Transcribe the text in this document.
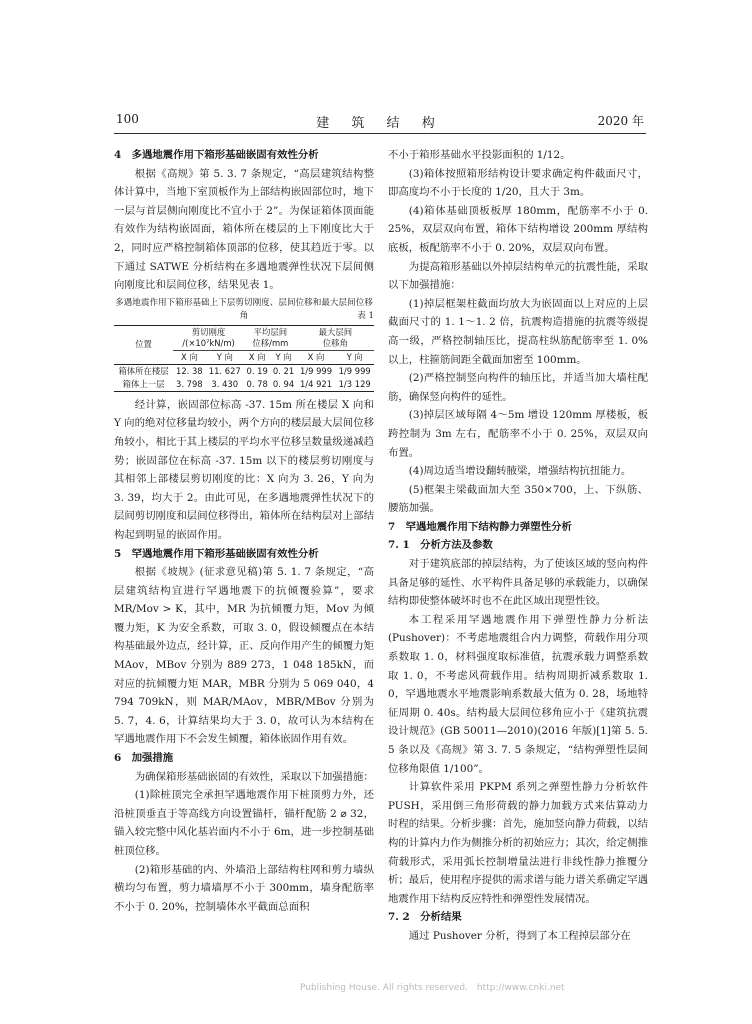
100	建 筑 结 构	2020 年

4　多遇地震作用下箱形基础嵌固有效性分析

根据《高规》第 5. 3. 7 条规定，“高层建筑结构整体计算中，当地下室顶板作为上部结构嵌固部位时，地下一层与首层侧向刚度比不宜小于 2”。为保证箱体顶面能有效作为结构嵌固面，箱体所在楼层的上下刚度比大于 2，同时应严格控制箱体顶部的位移，使其趋近于零。以下通过 SATWE 分析结构在多遇地震弹性状况下层间侧向刚度比和层间位移，结果见表 1。

多遇地震作用下箱形基础上下层剪切刚度、层间位移和最大层间位移角	表 1
位置	剪切刚度
/(×10⁷kN/m)		平均层间
位移/mm		最大层间
位移角	
	X 向	Y 向	X 向	Y 向	X 向	Y 向
箱体所在楼层	12. 38	11. 627	0. 19	0. 21	1/9 999	1/9 999
箱体上一层	3. 798	3. 430	0. 78	0. 94	1/4 921	1/3 129

经计算，嵌固部位标高 -37. 15m 所在楼层 X 向和 Y 向的绝对位移量均较小，两个方向的楼层最大层间位移角较小，相比于其上楼层的平均水平位移呈数量级递减趋势；嵌固部位在标高 -37. 15m 以下的楼层剪切刚度与其相邻上部楼层剪切刚度的比：X 向为 3. 26，Y 向为 3. 39，均大于 2。由此可见，在多遇地震弹性状况下的层间剪切刚度和层间位移得出，箱体所在结构层对上部结构起到明显的嵌固作用。

5　罕遇地震作用下箱形基础嵌固有效性分析

根据《坡规》(征求意见稿)第 5. 1. 7 条规定，“高层建筑结构宜进行罕遇地震下的抗倾覆验算”，要求 MR/Mov > K，其中，MR 为抗倾覆力矩，Mov 为倾覆力矩，K 为安全系数，可取 3. 0，假设倾覆点在本结构基础最外边点，经计算，正、反向作用产生的倾覆力矩 MAov，MBov 分别为 889 273，1 048 185kN，而对应的抗倾覆力矩 MAR，MBR 分别为 5 069 040，4 794 709kN，则 MAR/MAov，MBR/MBov 分别为 5. 7，4. 6，计算结果均大于 3. 0，故可认为本结构在罕遇地震作用下不会发生倾覆，箱体嵌固作用有效。

6　加强措施

为确保箱形基础嵌固的有效性，采取以下加强措施：

(1)除桩顶完全承担罕遇地震作用下桩顶剪力外，还沿桩顶垂直于等高线方向设置锚杆，锚杆配筋 2 ⌀ 32，锚入较完整中风化基岩面内不小于 6m，进一步控制基础桩顶位移。

(2)箱形基础的内、外墙沿上部结构柱网和剪力墙纵横均匀布置，剪力墙墙厚不小于 300mm，墙身配筋率不小于 0. 20%，控制墙体水平截面总面积

不小于箱形基础水平投影面积的 1/12。

(3)箱体按照箱形结构设计要求确定构件截面尺寸，即高度均不小于长度的 1/20，且大于 3m。

(4)箱体基础顶板板厚 180mm，配筋率不小于 0. 25%，双层双向布置，箱体下结构增设 200mm 厚结构底板，板配筋率不小于 0. 20%，双层双向布置。

为提高箱形基础以外掉层结构单元的抗震性能，采取以下加强措施：

(1)掉层框架柱截面均放大为嵌固面以上对应的上层截面尺寸的 1. 1～1. 2 倍，抗震构造措施的抗震等级提高一级，严格控制轴压比，提高柱纵筋配筋率至 1. 0%以上，柱箍筋间距全截面加密至 100mm。

(2)严格控制竖向构件的轴压比，并适当加大墙柱配筋，确保竖向构件的延性。

(3)掉层区域每隔 4～5m 增设 120mm 厚楼板，板跨控制为 3m 左右，配筋率不小于 0. 25%，双层双向布置。

(4)周边适当增设翻转腋梁，增强结构抗扭能力。

(5)框架主梁截面加大至 350×700，上、下纵筋、腰筋加强。

7　罕遇地震作用下结构静力弹塑性分析

7. 1　分析方法及参数

对于建筑底部的掉层结构，为了使该区域的竖向构件具备足够的延性、水平构件具备足够的承载能力，以确保结构即使整体破坏时也不在此区域出现塑性铰。

本工程采用罕遇地震作用下弹塑性静力分析法(Pushover)：不考虑地震组合内力调整，荷载作用分项系数取 1. 0，材料强度取标准值，抗震承载力调整系数取 1. 0，不考虑风荷载作用。结构周期折减系数取 1. 0，罕遇地震水平地震影响系数最大值为 0. 28，场地特征周期 0. 40s。结构最大层间位移角应小于《建筑抗震设计规范》(GB 50011—2010)(2016 年版)[1]第 5. 5. 5 条以及《高规》第 3. 7. 5 条规定，“结构弹塑性层间位移角限值 1/100”。

计算软件采用 PKPM 系列之弹塑性静力分析软件 PUSH，采用倒三角形荷载的静力加载方式来估算动力时程的结果。分析步骤：首先，施加竖向静力荷载，以结构的计算内力作为侧推分析的初始应力；其次，给定侧推荷载形式，采用弧长控制增量法进行非线性静力推覆分析；最后，使用程序提供的需求谱与能力谱关系确定罕遇地震作用下结构反应特性和弹塑性发展情况。

7. 2　分析结果

通过 Pushover 分析，得到了本工程掉层部分在

Publishing House. All rights reserved.　http://www.cnki.net
